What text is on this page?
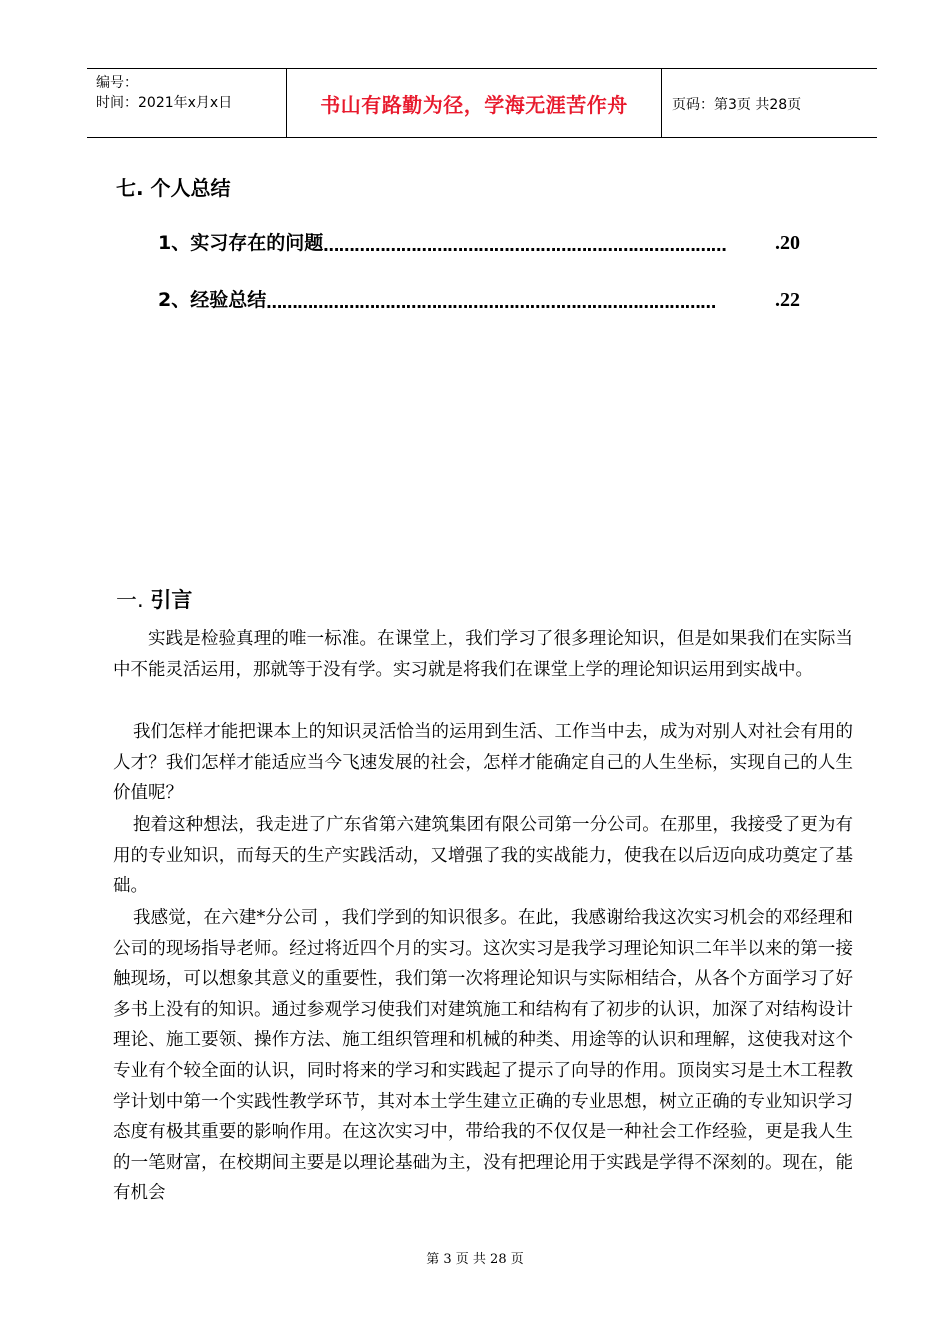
编号：
时间：2021年x月x日	书山有路勤为径，学海无涯苦作舟	页码：第3页 共28页
七. 个人总结
1、实习存在的问题 ……………………………………………………………………	.20
2、经验总结 ……………………………………………………………………………	.22
一. 引言
实践是检验真理的唯一标准。在课堂上，我们学习了很多理论知识，但是如果我们在实际当中不能灵活运用，那就等于没有学。实习就是将我们在课堂上学的理论知识运用到实战中。
我们怎样才能把课本上的知识灵活恰当的运用到生活、工作当中去，成为对别人对社会有用的人才？我们怎样才能适应当今飞速发展的社会，怎样才能确定自己的人生坐标，实现自己的人生价值呢？
抱着这种想法，我走进了广东省第六建筑集团有限公司第一分公司。在那里，我接受了更为有用的专业知识，而每天的生产实践活动，又增强了我的实战能力，使我在以后迈向成功奠定了基础。
我感觉，在六建*分公司 ，我们学到的知识很多。在此，我感谢给我这次实习机会的邓经理和公司的现场指导老师。经过将近四个月的实习。这次实习是我学习理论知识二年半以来的第一接触现场，可以想象其意义的重要性，我们第一次将理论知识与实际相结合，从各个方面学习了好多书上没有的知识。通过参观学习使我们对建筑施工和结构有了初步的认识，加深了对结构设计理论、施工要领、操作方法、施工组织管理和机械的种类、用途等的认识和理解，这使我对这个专业有个较全面的认识，同时将来的学习和实践起了提示了向导的作用。顶岗实习是土木工程教学计划中第一个实践性教学环节，其对本土学生建立正确的专业思想，树立正确的专业知识学习态度有极其重要的影响作用。在这次实习中，带给我的不仅仅是一种社会工作经验，更是我人生的一笔财富，在校期间主要是以理论基础为主，没有把理论用于实践是学得不深刻的。现在，能有机会
第 3 页 共 28 页
